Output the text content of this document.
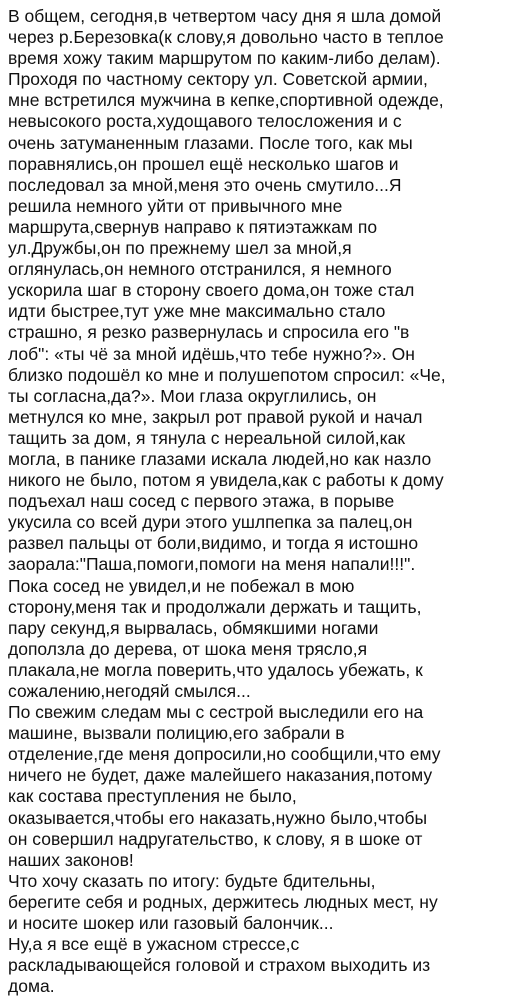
В общем, сегодня,в четвертом часу дня я шла домой
через р.Березовка(к слову,я довольно часто в теплое
время хожу таким маршрутом по каким-либо делам).
Проходя по частному сектору ул. Советской армии,
мне встретился мужчина в кепке,спортивной одежде,
невысокого роста,худощавого телосложения и с
очень затуманенным глазами. После того, как мы
поравнялись,он прошел ещё несколько шагов и
последовал за мной,меня это очень смутило...Я
решила немного уйти от привычного мне
маршрута,свернув направо к пятиэтажкам по
ул.Дружбы,он по прежнему шел за мной,я
оглянулась,он немного отстранился, я немного
ускорила шаг в сторону своего дома,он тоже стал
идти быстрее,тут уже мне максимально стало
страшно, я резко развернулась и спросила его "в
лоб": «ты чё за мной идёшь,что тебе нужно?». Он
близко подошёл ко мне и полушепотом спросил: «Че,
ты согласна,да?». Мои глаза округлились, он
метнулся ко мне, закрыл рот правой рукой и начал
тащить за дом, я тянула с нереальной силой,как
могла, в панике глазами искала людей,но как назло
никого не было, потом я увидела,как с работы к дому
подъехал наш сосед с первого этажа, в порыве
укусила со всей дури этого ушлпепка за палец,он
развел пальцы от боли,видимо, и тогда я истошно
заорала:"Паша,помоги,помоги на меня напали!!!".
Пока сосед не увидел,и не побежал в мою
сторону,меня так и продолжали держать и тащить,
пару секунд,я вырвалась, обмякшими ногами
доползла до дерева, от шока меня трясло,я
плакала,не могла поверить,что удалось убежать, к
сожалению,негодяй смылся...
По свежим следам мы с сестрой выследили его на
машине, вызвали полицию,его забрали в
отделение,где меня допросили,но сообщили,что ему
ничего не будет, даже малейшего наказания,потому
как состава преступления не было,
оказывается,чтобы его наказать,нужно было,чтобы
он совершил надругательство, к слову, я в шоке от
наших законов!
Что хочу сказать по итогу: будьте бдительны,
берегите себя и родных, держитесь людных мест, ну
и носите шокер или газовый балончик...
Ну,а я все ещё в ужасном стрессе,с
раскладывающейся головой и страхом выходить из
дома.
